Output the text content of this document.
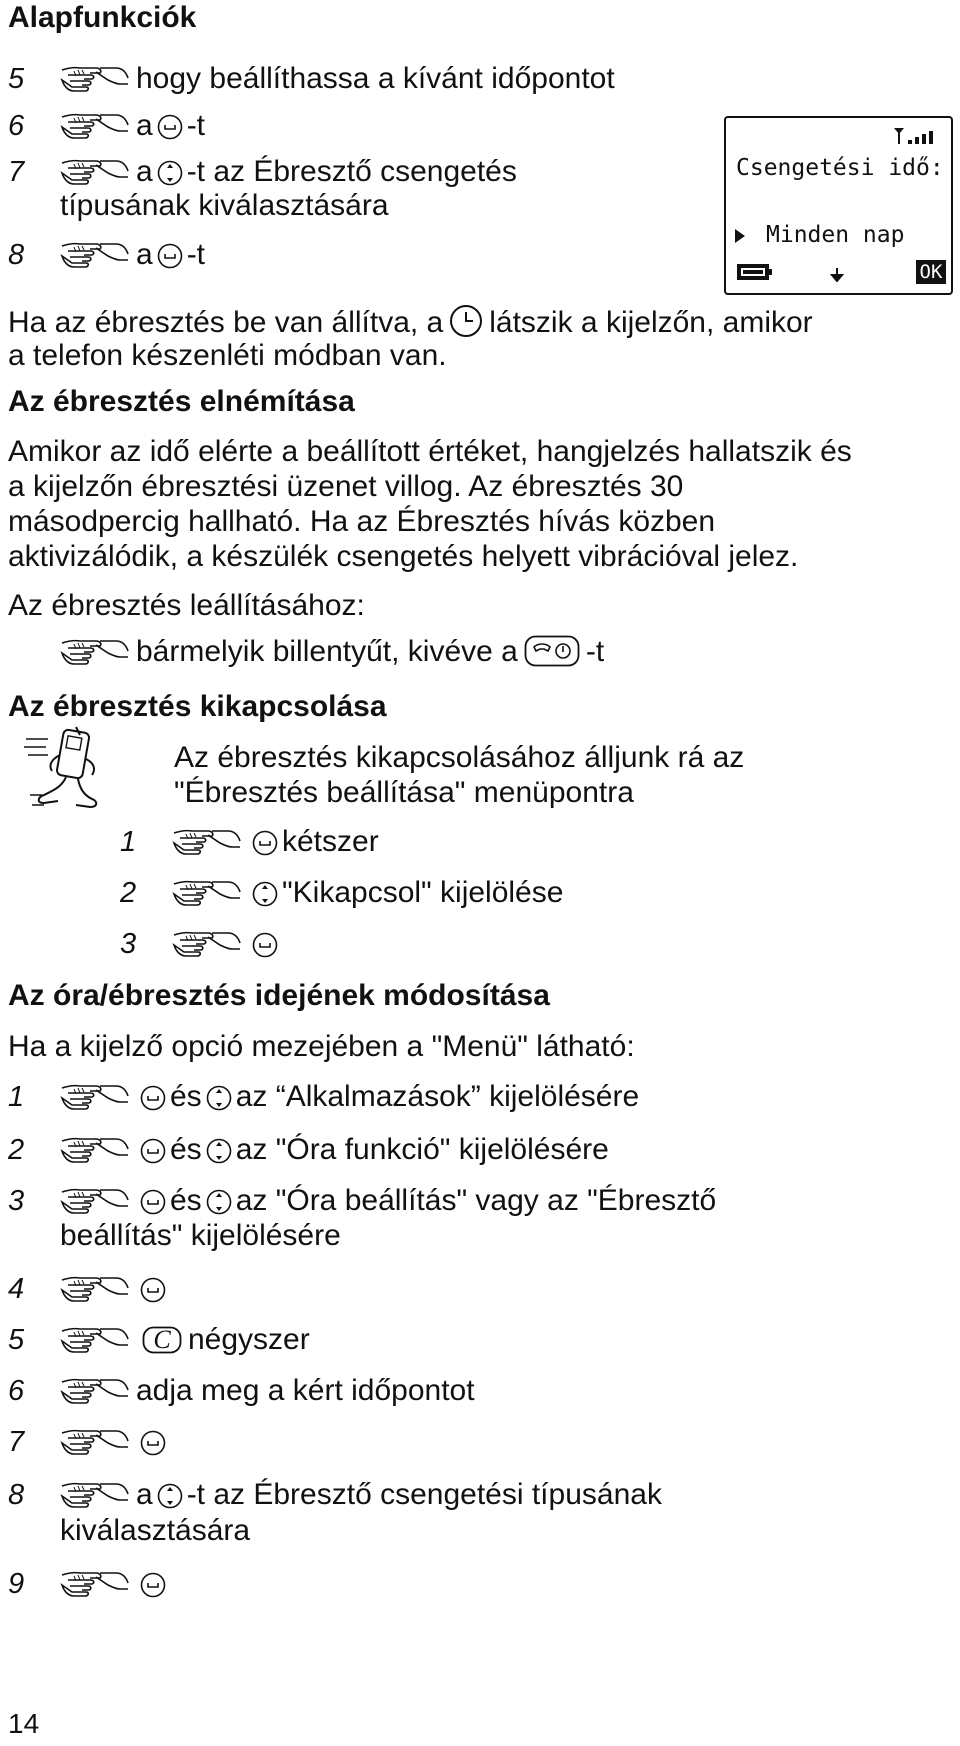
Alapfunkciók
5	hogy beállíthassa a kívánt időpontot
6	a -t
7	a -t az Ébresztő csengetés
típusának kiválasztására
8	a -t
Csengetési idő:
Minden nap
OK
Ha az ébresztés be van állítva, a látszik a kijelzőn, amikor
a telefon készenléti módban van.
Az ébresztés elnémítása
Amikor az idő elérte a beállított értéket, hangjelzés hallatszik és
a kijelzőn ébresztési üzenet villog. Az ébresztés 30
másodpercig hallható. Ha az Ébresztés hívás közben
aktivizálódik, a készülék csengetés helyett vibrációval jelez.
Az ébresztés leállításához:
bármelyik billentyűt, kivéve a -t
Az ébresztés kikapcsolása
Az ébresztés kikapcsolásához álljunk rá az
"Ébresztés beállítása" menüpontra
1	kétszer
2	"Kikapcsol" kijelölése
3
Az óra/ébresztés idejének módosítása
Ha a kijelző opció mezejében a "Menü" látható:
1	és az “Alkalmazások” kijelölésére
2	és az "Óra funkció" kijelölésére
3	és az "Óra beállítás" vagy az "Ébresztő
beállítás" kijelölésére
4
5	C négyszer
6	adja meg a kért időpontot
7
8	a -t az Ébresztő csengetési típusának
kiválasztására
9
14
